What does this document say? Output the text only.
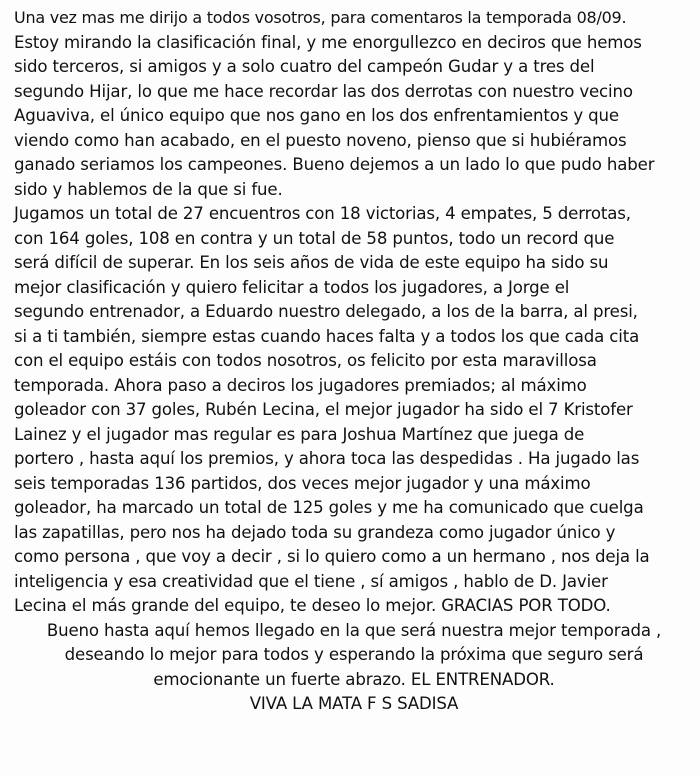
Una vez mas me dirijo a todos vosotros, para comentaros la temporada 08/09.
Estoy mirando la clasificación final, y me enorgullezco en deciros que hemos
sido terceros, si amigos y a solo cuatro del campeón Gudar y a tres del
segundo Hijar, lo que me hace recordar las dos derrotas con nuestro vecino
Aguaviva, el único equipo que nos gano en los dos enfrentamientos y que
viendo como han acabado, en el puesto noveno, pienso que si hubiéramos
ganado seriamos los campeones. Bueno dejemos a un lado lo que pudo haber
sido y hablemos de la que si fue.
Jugamos un total de 27 encuentros con 18 victorias, 4 empates, 5 derrotas,
con 164 goles, 108 en contra y un total de 58 puntos, todo un record que
será difícil de superar. En los seis años de vida de este equipo ha sido su
mejor clasificación y quiero felicitar a todos los jugadores, a Jorge el
segundo entrenador, a Eduardo nuestro delegado, a los de la barra, al presi,
si a ti también, siempre estas cuando haces falta y a todos los que cada cita
con el equipo estáis con todos nosotros, os felicito por esta maravillosa
temporada. Ahora paso a deciros los jugadores premiados; al máximo
goleador con 37 goles, Rubén Lecina, el mejor jugador ha sido el 7 Kristofer
Lainez y el jugador mas regular es para Joshua Martínez que juega de
portero , hasta aquí los premios, y ahora toca las despedidas . Ha jugado las
seis temporadas 136 partidos, dos veces mejor jugador y una máximo
goleador, ha marcado un total de 125 goles y me ha comunicado que cuelga
las zapatillas, pero nos ha dejado toda su grandeza como jugador único y
como persona , que voy a decir , si lo quiero como a un hermano , nos deja la
inteligencia y esa creatividad que el tiene , sí amigos , hablo de D. Javier
Lecina el más grande del equipo, te deseo lo mejor. GRACIAS POR TODO.
Bueno hasta aquí hemos llegado en la que será nuestra mejor temporada ,
deseando lo mejor para todos y esperando la próxima que seguro será
emocionante un fuerte abrazo. EL ENTRENADOR.
VIVA LA MATA F S SADISA
